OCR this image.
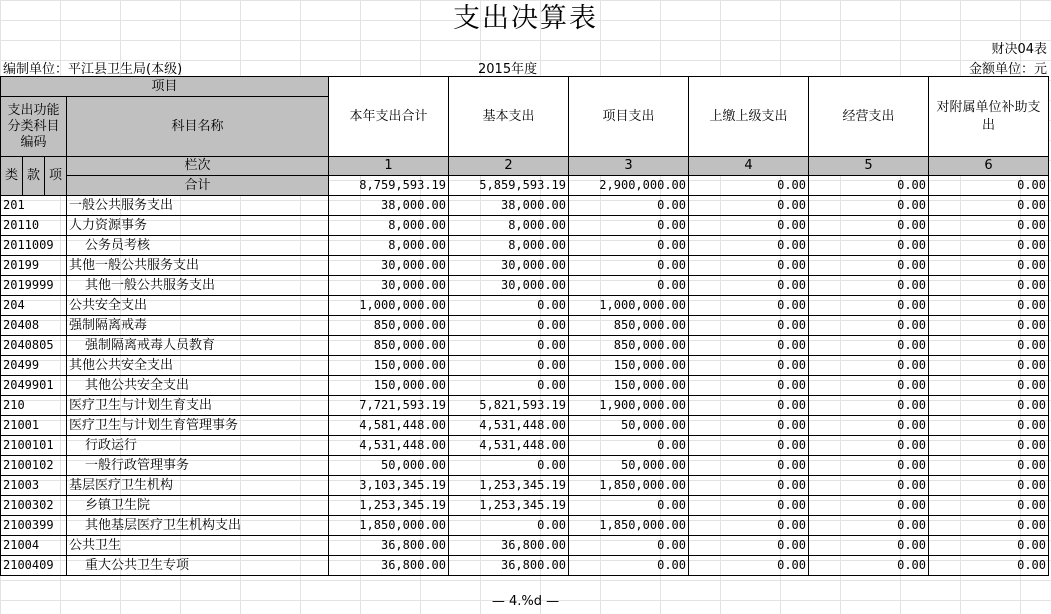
支出决算表
财决04表
编制单位：平江县卫生局(本级)	2015年度	金额单位：元
项目				本年支出合计	基本支出	项目支出	上缴上级支出	经营支出	对附属单位补助支出
支出功能分类科目编码			科目名称						

类	款	项	栏次	1	2	3	4	5	6
			合计	8,759,593.19	5,859,593.19	2,900,000.00	0.00	0.00	0.00
201			一般公共服务支出	38,000.00	38,000.00	0.00	0.00	0.00	0.00
20110			人力资源事务	8,000.00	8,000.00	0.00	0.00	0.00	0.00
2011009			公务员考核	8,000.00	8,000.00	0.00	0.00	0.00	0.00
20199			其他一般公共服务支出	30,000.00	30,000.00	0.00	0.00	0.00	0.00
2019999			其他一般公共服务支出	30,000.00	30,000.00	0.00	0.00	0.00	0.00
204			公共安全支出	1,000,000.00	0.00	1,000,000.00	0.00	0.00	0.00
20408			强制隔离戒毒	850,000.00	0.00	850,000.00	0.00	0.00	0.00
2040805			强制隔离戒毒人员教育	850,000.00	0.00	850,000.00	0.00	0.00	0.00
20499			其他公共安全支出	150,000.00	0.00	150,000.00	0.00	0.00	0.00
2049901			其他公共安全支出	150,000.00	0.00	150,000.00	0.00	0.00	0.00
210			医疗卫生与计划生育支出	7,721,593.19	5,821,593.19	1,900,000.00	0.00	0.00	0.00
21001			医疗卫生与计划生育管理事务	4,581,448.00	4,531,448.00	50,000.00	0.00	0.00	0.00
2100101			行政运行	4,531,448.00	4,531,448.00	0.00	0.00	0.00	0.00
2100102			一般行政管理事务	50,000.00	0.00	50,000.00	0.00	0.00	0.00
21003			基层医疗卫生机构	3,103,345.19	1,253,345.19	1,850,000.00	0.00	0.00	0.00
2100302			乡镇卫生院	1,253,345.19	1,253,345.19	0.00	0.00	0.00	0.00
2100399			其他基层医疗卫生机构支出	1,850,000.00	0.00	1,850,000.00	0.00	0.00	0.00
21004			公共卫生	36,800.00	36,800.00	0.00	0.00	0.00	0.00
2100409			重大公共卫生专项	36,800.00	36,800.00	0.00	0.00	0.00	0.00
— 4.%d —
